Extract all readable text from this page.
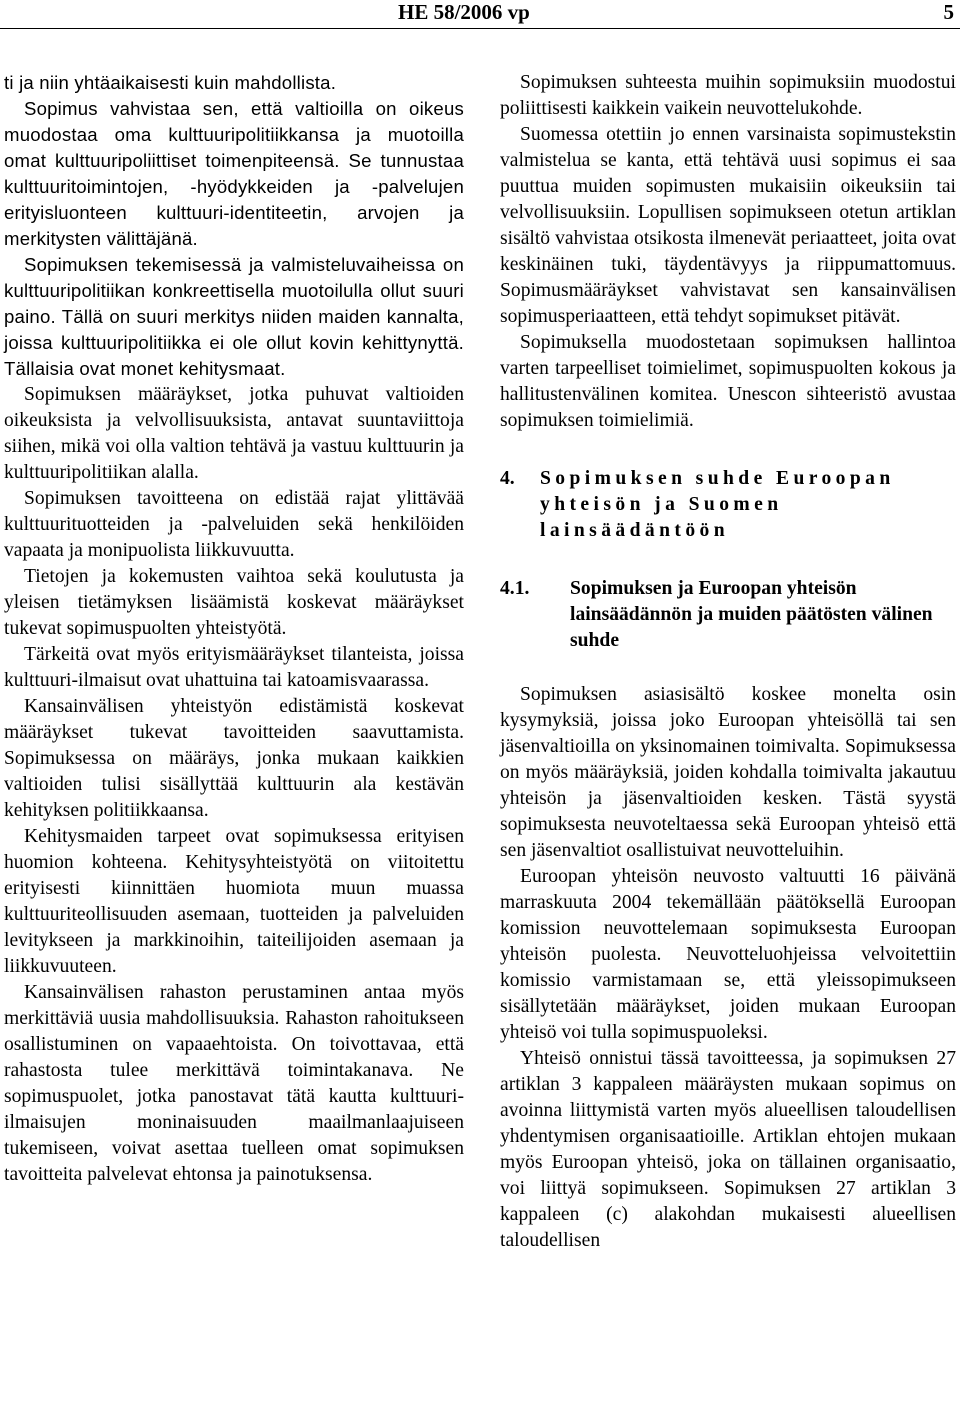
HE 58/2006 vp	5

ti ja niin yhtäaikaisesti kuin mahdollista.

Sopimus vahvistaa sen, että valtioilla on oikeus muodostaa oma kulttuuripolitiikkansa ja muotoilla omat kulttuuripoliittiset toimenpiteensä. Se tunnustaa kulttuuritoimintojen, -hyödykkeiden ja -palvelujen erityisluonteen kulttuuri-identiteetin, arvojen ja merkitysten välittäjänä.

Sopimuksen tekemisessä ja valmisteluvaiheissa on kulttuuripolitiikan konkreettisella muotoilulla ollut suuri paino. Tällä on suuri merkitys niiden maiden kannalta, joissa kulttuuripolitiikka ei ole ollut kovin kehittynyttä. Tällaisia ovat monet kehitysmaat.

Sopimuksen määräykset, jotka puhuvat valtioiden oikeuksista ja velvollisuuksista, antavat suuntaviittoja siihen, mikä voi olla valtion tehtävä ja vastuu kulttuurin ja kulttuuripolitiikan alalla.

Sopimuksen tavoitteena on edistää rajat ylittävää kulttuurituotteiden ja -palveluiden sekä henkilöiden vapaata ja monipuolista liikkuvuutta.

Tietojen ja kokemusten vaihtoa sekä koulutusta ja yleisen tietämyksen lisäämistä koskevat määräykset tukevat sopimuspuolten yhteistyötä.

Tärkeitä ovat myös erityismääräykset tilanteista, joissa kulttuuri-ilmaisut ovat uhattuina tai katoamisvaarassa.

Kansainvälisen yhteistyön edistämistä koskevat määräykset tukevat tavoitteiden saavuttamista. Sopimuksessa on määräys, jonka mukaan kaikkien valtioiden tulisi sisällyttää kulttuurin ala kestävän kehityksen politiikkaansa.

Kehitysmaiden tarpeet ovat sopimuksessa erityisen huomion kohteena. Kehitysyhteistyötä on viitoitettu erityisesti kiinnittäen huomiota muun muassa kulttuuriteollisuuden asemaan, tuotteiden ja palveluiden levitykseen ja markkinoihin, taiteilijoiden asemaan ja liikkuvuuteen.

Kansainvälisen rahaston perustaminen antaa myös merkittäviä uusia mahdollisuuksia. Rahaston rahoitukseen osallistuminen on vapaaehtoista. On toivottavaa, että rahastosta tulee merkittävä toimintakanava. Ne sopimuspuolet, jotka panostavat tätä kautta kulttuuri-ilmaisujen moninaisuuden maailmanlaajuiseen tukemiseen, voivat asettaa tuelleen omat sopimuksen tavoitteita palvelevat ehtonsa ja painotuksensa.

Sopimuksen suhteesta muihin sopimuksiin muodostui poliittisesti kaikkein vaikein neuvottelukohde.

Suomessa otettiin jo ennen varsinaista sopimustekstin valmistelua se kanta, että tehtävä uusi sopimus ei saa puuttua muiden sopimusten mukaisiin oikeuksiin tai velvollisuuksiin. Lopullisen sopimukseen otetun artiklan sisältö vahvistaa otsikosta ilmenevät periaatteet, joita ovat keskinäinen tuki, täydentävyys ja riippumattomuus. Sopimusmääräykset vahvistavat sen kansainvälisen sopimusperiaatteen, että tehdyt sopimukset pitävät.

Sopimuksella muodostetaan sopimuksen hallintoa varten tarpeelliset toimielimet, sopimuspuolten kokous ja hallitustenvälinen komitea. Unescon sihteeristö avustaa sopimuksen toimielimiä.

4.	Sopimuksen suhde Euroopan yhteisön ja Suomen lainsäädäntöön
4.1.	Sopimuksen ja Euroopan yhteisön lainsäädännön ja muiden päätösten välinen suhde

Sopimuksen asiasisältö koskee monelta osin kysymyksiä, joissa joko Euroopan yhteisöllä tai sen jäsenvaltioilla on yksinomainen toimivalta. Sopimuksessa on myös määräyksiä, joiden kohdalla toimivalta jakautuu yhteisön ja jäsenvaltioiden kesken. Tästä syystä sopimuksesta neuvoteltaessa sekä Euroopan yhteisö että sen jäsenvaltiot osallistuivat neuvotteluihin.

Euroopan yhteisön neuvosto valtuutti 16 päivänä marraskuuta 2004 tekemällään päätöksellä Euroopan komission neuvottelemaan sopimuksesta Euroopan yhteisön puolesta. Neuvotteluohjeissa velvoitettiin komissio varmistamaan se, että yleissopimukseen sisällytetään määräykset, joiden mukaan Euroopan yhteisö voi tulla sopimuspuoleksi.

Yhteisö onnistui tässä tavoitteessa, ja sopimuksen 27 artiklan 3 kappaleen määräysten mukaan sopimus on avoinna liittymistä varten myös alueellisen taloudellisen yhdentymisen organisaatioille. Artiklan ehtojen mukaan myös Euroopan yhteisö, joka on tällainen organisaatio, voi liittyä sopimukseen. Sopimuksen 27 artiklan 3 kappaleen (c) alakohdan mukaisesti alueellisen taloudellisen
